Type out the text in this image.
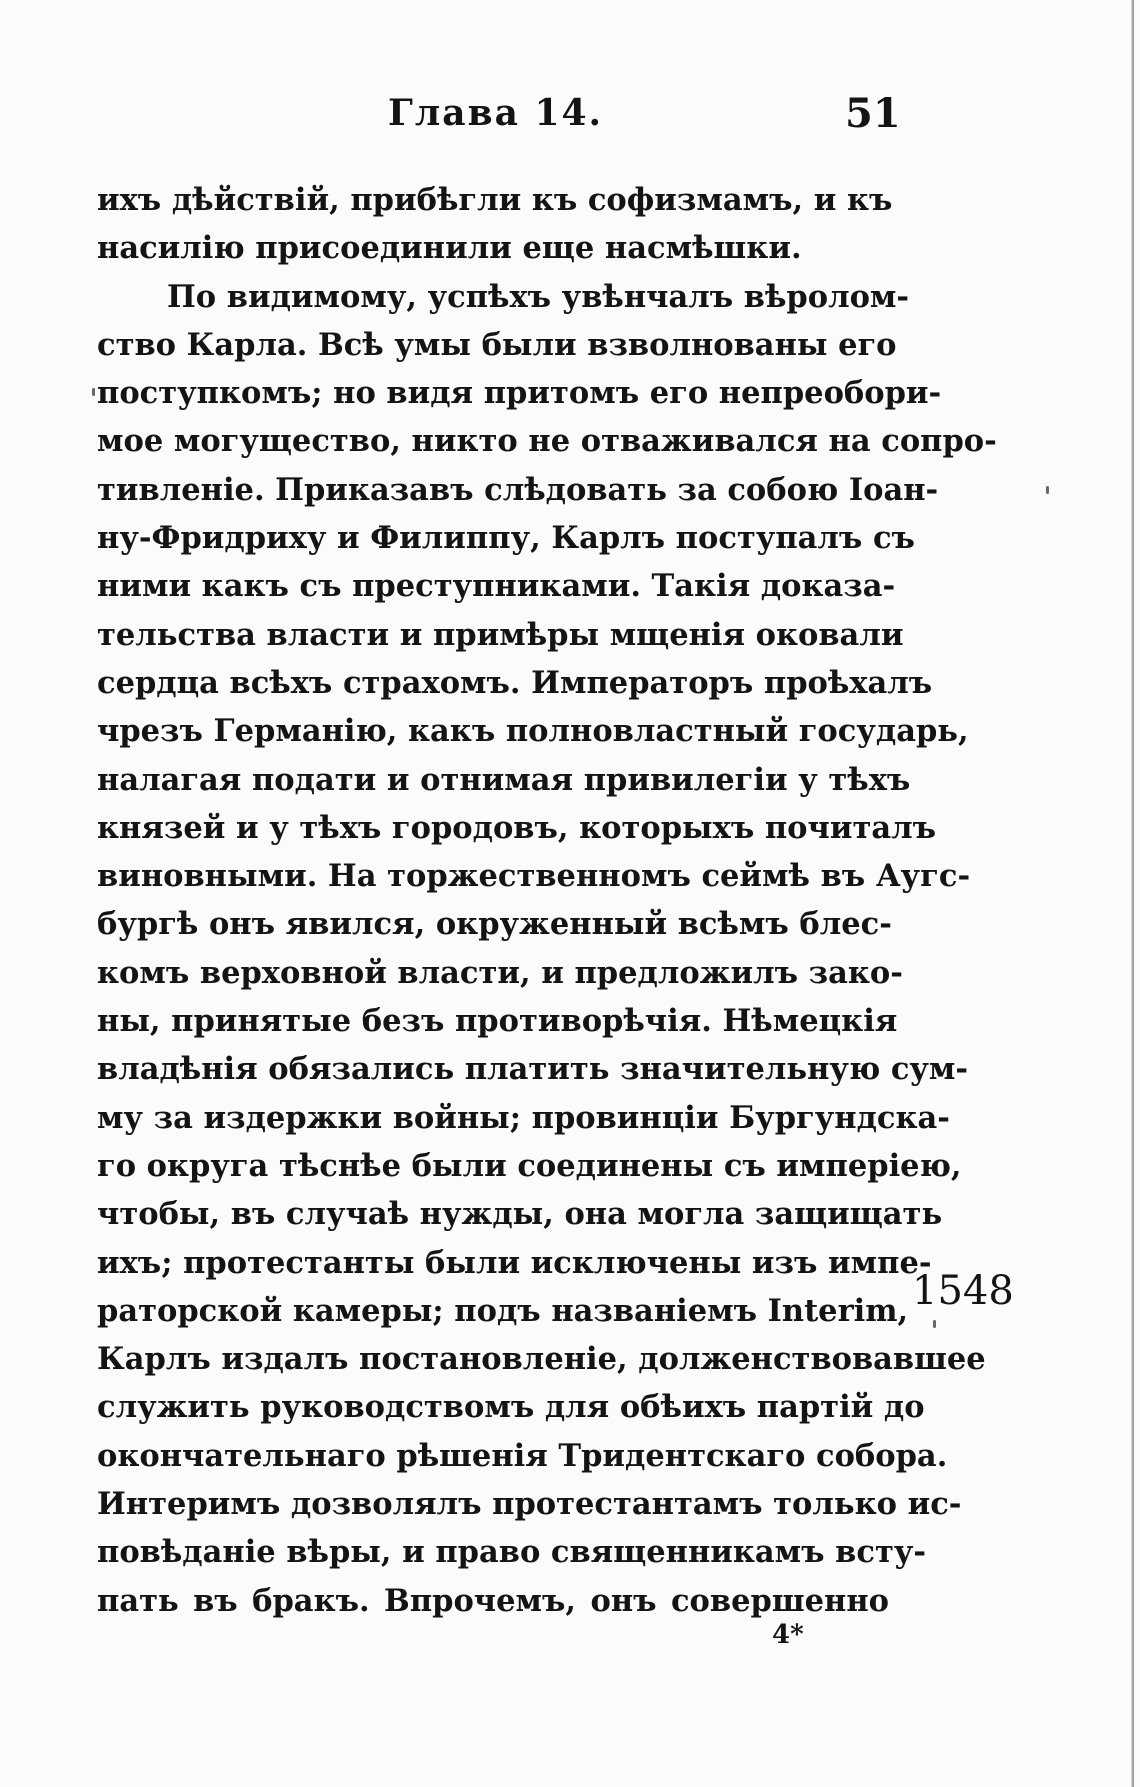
Глава 14.	51
ихъ дѣйствій, прибѣгли къ софизмамъ, и къ
насилію присоединили еще насмѣшки.
По видимому, успѣхъ увѣнчалъ вѣролом-
ство Карла. Всѣ умы были взволнованы его
поступкомъ; но видя притомъ его непреобори-
мое могущество, никто не отваживался на сопро-
тивленіе. Приказавъ слѣдовать за собою Іоан-
ну-Фридриху и Филиппу, Карлъ поступалъ съ
ними какъ съ преступниками. Такія доказа-
тельства власти и примѣры мщенія оковали
сердца всѣхъ страхомъ. Императоръ проѣхалъ
чрезъ Германію, какъ полновластный государь,
налагая подати и отнимая привилегіи у тѣхъ
князей и у тѣхъ городовъ, которыхъ почиталъ
виновными. На торжественномъ сеймѣ въ Аугс-
бургѣ онъ явился, окруженный всѣмъ блес-
комъ верховной власти, и предложилъ зако-
ны, принятые безъ противорѣчія. Нѣмецкія
владѣнія обязались платить значительную сум-
му за издержки войны; провинціи Бургундска-
го округа тѣснѣе были соединены съ имперіею,
чтобы, въ случаѣ нужды, она могла защищать
ихъ; протестанты были исключены изъ импе-
раторской камеры; подъ названіемъ Interim,
Карлъ издалъ постановленіе, долженствовавшее
служить руководствомъ для обѣихъ партій до
окончательнаго рѣшенія Тридентскаго собора.
Интеримъ дозволялъ протестантамъ только ис-
повѣданіе вѣры, и право священникамъ всту-
пать въ бракъ. Впрочемъ, онъ совершенно
1548
4*
